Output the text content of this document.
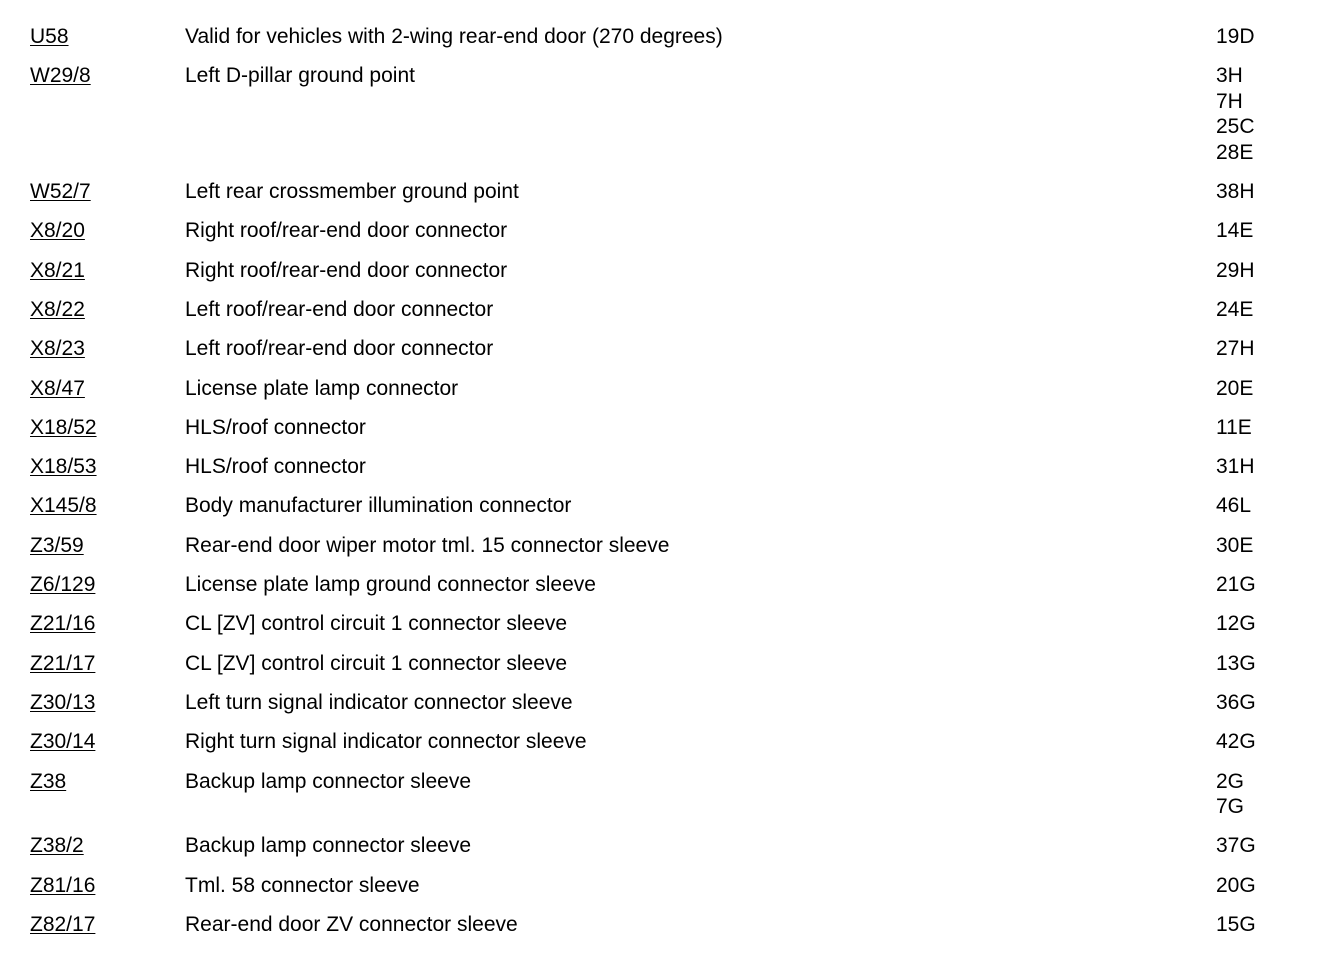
U58	Valid for vehicles with 2-wing rear-end door (270 degrees)	19D
W29/8	Left D-pillar ground point	3H
7H
25C
28E
W52/7	Left rear crossmember ground point	38H
X8/20	Right roof/rear-end door connector	14E
X8/21	Right roof/rear-end door connector	29H
X8/22	Left roof/rear-end door connector	24E
X8/23	Left roof/rear-end door connector	27H
X8/47	License plate lamp connector	20E
X18/52	HLS/roof connector	11E
X18/53	HLS/roof connector	31H
X145/8	Body manufacturer illumination connector	46L
Z3/59	Rear-end door wiper motor tml. 15 connector sleeve	30E
Z6/129	License plate lamp ground connector sleeve	21G
Z21/16	CL [ZV] control circuit 1 connector sleeve	12G
Z21/17	CL [ZV] control circuit 1 connector sleeve	13G
Z30/13	Left turn signal indicator connector sleeve	36G
Z30/14	Right turn signal indicator connector sleeve	42G
Z38	Backup lamp connector sleeve	2G
7G
Z38/2	Backup lamp connector sleeve	37G
Z81/16	Tml. 58 connector sleeve	20G
Z82/17	Rear-end door ZV connector sleeve	15G
